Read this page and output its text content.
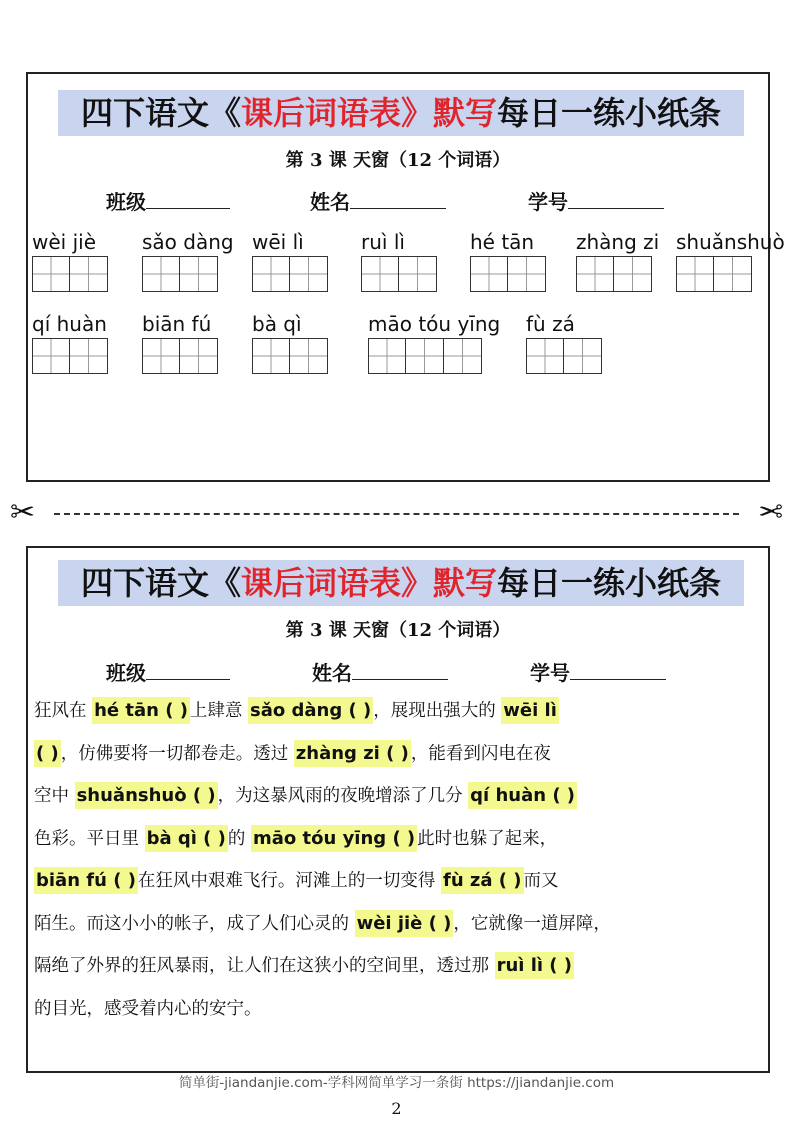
四下语文《课后词语表》默写每日一练小纸条
第 3 课 天窗（12 个词语）
班级	姓名	学号
wèi jiè	sǎo dàng wēi lì	ruì lì	hé tān	zhàng zi shuǎnshuò
qí huàn biān fú	bà qì	māo tóu yīng fù zá
✂	✂
四下语文《课后词语表》默写每日一练小纸条
第 3 课 天窗（12 个词语）
班级	姓名	学号
狂风在 hé tān ( ) 上肆意 sǎo dàng ( ) ，展现出强大的 wēi lì
( ) ，仿佛要将一切都卷走。透过 zhàng zi ( ) ，能看到闪电在夜
空中 shuǎnshuò ( ) ，为这暴风雨的夜晚增添了几分 qí huàn ( )
色彩。平日里 bà qì ( ) 的 māo tóu yīng ( ) 此时也躲了起来，
biān fú ( ) 在狂风中艰难飞行。河滩上的一切变得 fù zá ( ) 而又
陌生。而这小小的帐子，成了人们心灵的 wèi jiè ( ) ，它就像一道屏障，
隔绝了外界的狂风暴雨，让人们在这狭小的空间里，透过那 ruì lì ( )
的目光，感受着内心的安宁。
简单街-jiandanjie.com-学科网简单学习一条街 https://jiandanjie.com
2
